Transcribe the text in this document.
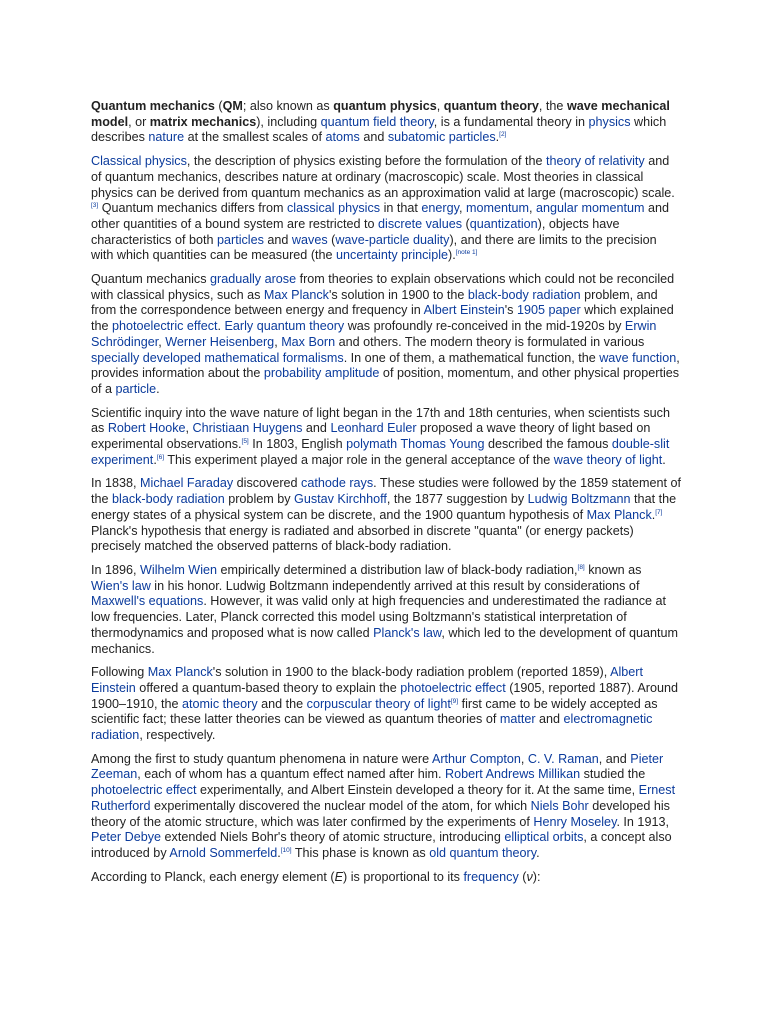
Quantum mechanics (QM; also known as quantum physics, quantum theory, the wave mechanical model, or matrix mechanics), including quantum field theory, is a fundamental theory in physics which describes nature at the smallest scales of atoms and subatomic particles.[2]

Classical physics, the description of physics existing before the formulation of the theory of relativity and of quantum mechanics, describes nature at ordinary (macroscopic) scale. Most theories in classical physics can be derived from quantum mechanics as an approximation valid at large (macroscopic) scale.[3] Quantum mechanics differs from classical physics in that energy, momentum, angular momentum and other quantities of a bound system are restricted to discrete values (quantization), objects have characteristics of both particles and waves (wave-particle duality), and there are limits to the precision with which quantities can be measured (the uncertainty principle).[note 1]

Quantum mechanics gradually arose from theories to explain observations which could not be reconciled with classical physics, such as Max Planck's solution in 1900 to the black-body radiation problem, and from the correspondence between energy and frequency in Albert Einstein's 1905 paper which explained the photoelectric effect. Early quantum theory was profoundly re-conceived in the mid-1920s by Erwin Schrödinger, Werner Heisenberg, Max Born and others. The modern theory is formulated in various specially developed mathematical formalisms. In one of them, a mathematical function, the wave function, provides information about the probability amplitude of position, momentum, and other physical properties of a particle.

Scientific inquiry into the wave nature of light began in the 17th and 18th centuries, when scientists such as Robert Hooke, Christiaan Huygens and Leonhard Euler proposed a wave theory of light based on experimental observations.[5] In 1803, English polymath Thomas Young described the famous double-slit experiment.[6] This experiment played a major role in the general acceptance of the wave theory of light.

In 1838, Michael Faraday discovered cathode rays. These studies were followed by the 1859 statement of the black-body radiation problem by Gustav Kirchhoff, the 1877 suggestion by Ludwig Boltzmann that the energy states of a physical system can be discrete, and the 1900 quantum hypothesis of Max Planck.[7] Planck's hypothesis that energy is radiated and absorbed in discrete "quanta" (or energy packets) precisely matched the observed patterns of black-body radiation.

In 1896, Wilhelm Wien empirically determined a distribution law of black-body radiation,[8] known as Wien's law in his honor. Ludwig Boltzmann independently arrived at this result by considerations of Maxwell's equations. However, it was valid only at high frequencies and underestimated the radiance at low frequencies. Later, Planck corrected this model using Boltzmann's statistical interpretation of thermodynamics and proposed what is now called Planck's law, which led to the development of quantum mechanics.

Following Max Planck's solution in 1900 to the black-body radiation problem (reported 1859), Albert Einstein offered a quantum-based theory to explain the photoelectric effect (1905, reported 1887). Around 1900–1910, the atomic theory and the corpuscular theory of light[9] first came to be widely accepted as scientific fact; these latter theories can be viewed as quantum theories of matter and electromagnetic radiation, respectively.

Among the first to study quantum phenomena in nature were Arthur Compton, C. V. Raman, and Pieter Zeeman, each of whom has a quantum effect named after him. Robert Andrews Millikan studied the photoelectric effect experimentally, and Albert Einstein developed a theory for it. At the same time, Ernest Rutherford experimentally discovered the nuclear model of the atom, for which Niels Bohr developed his theory of the atomic structure, which was later confirmed by the experiments of Henry Moseley. In 1913, Peter Debye extended Niels Bohr's theory of atomic structure, introducing elliptical orbits, a concept also introduced by Arnold Sommerfeld.[10] This phase is known as old quantum theory.

According to Planck, each energy element (E) is proportional to its frequency (ν):
